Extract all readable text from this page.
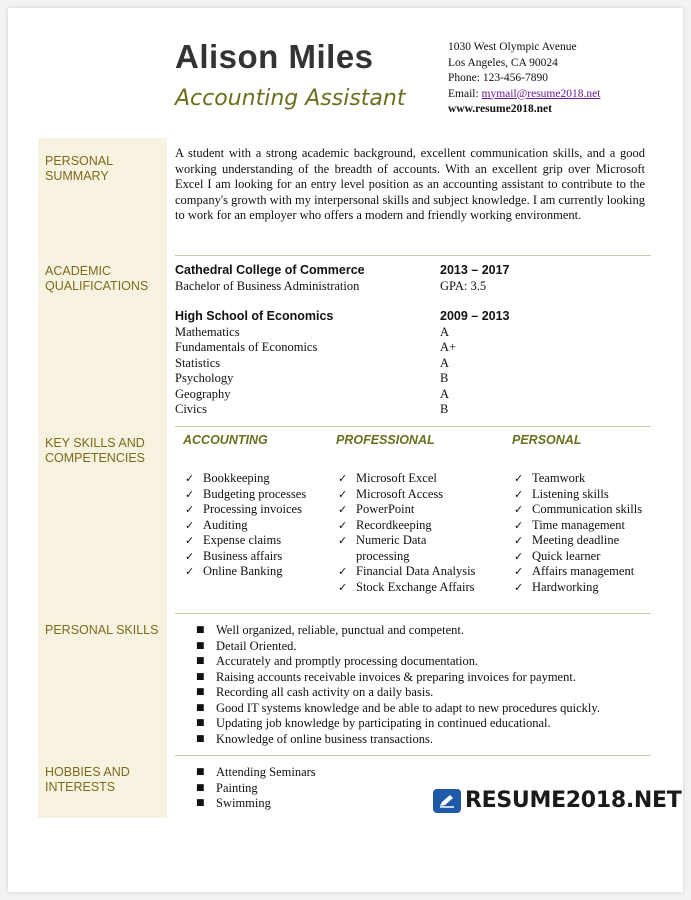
Alison Miles
Accounting Assistant
1030 West Olympic Avenue
Los Angeles, CA 90024
Phone: 123-456-7890
Email: mymail@resume2018.net
www.resume2018.net
PERSONAL SUMMARY
ACADEMIC QUALIFICATIONS
KEY SKILLS AND COMPETENCIES
PERSONAL SKILLS
HOBBIES AND INTERESTS
A student with a strong academic background, excellent communication skills, and a good working understanding of the breadth of accounts. With an excellent grip over Microsoft Excel I am looking for an entry level position as an accounting assistant to contribute to the company's growth with my interpersonal skills and subject knowledge. I am currently looking to work for an employer who offers a modern and friendly working environment.
Cathedral College of Commerce	2013 – 2017
Bachelor of Business Administration	GPA: 3.5
High School of Economics	2009 – 2013
Mathematics	A
Fundamentals of Economics	A+
Statistics	A
Psychology	B
Geography	A
Civics	B
ACCOUNTING
✓ Bookkeeping
✓ Budgeting processes
✓ Processing invoices
✓ Auditing
✓ Expense claims
✓ Business affairs
✓ Online Banking
PROFESSIONAL
✓ Microsoft Excel
✓ Microsoft Access
✓ PowerPoint
✓ Recordkeeping
✓ Numeric Data processing
✓ Financial Data Analysis
✓ Stock Exchange Affairs
PERSONAL
✓ Teamwork
✓ Listening skills
✓ Communication skills
✓ Time management
✓ Meeting deadline
✓ Quick learner
✓ Affairs management
✓ Hardworking
■ Well organized, reliable, punctual and competent.
■ Detail Oriented.
■ Accurately and promptly processing documentation.
■ Raising accounts receivable invoices & preparing invoices for payment.
■ Recording all cash activity on a daily basis.
■ Good IT systems knowledge and be able to adapt to new procedures quickly.
■ Updating job knowledge by participating in continued educational.
■ Knowledge of online business transactions.
■ Attending Seminars
■ Painting
■ Swimming	RESUME2018.NET
